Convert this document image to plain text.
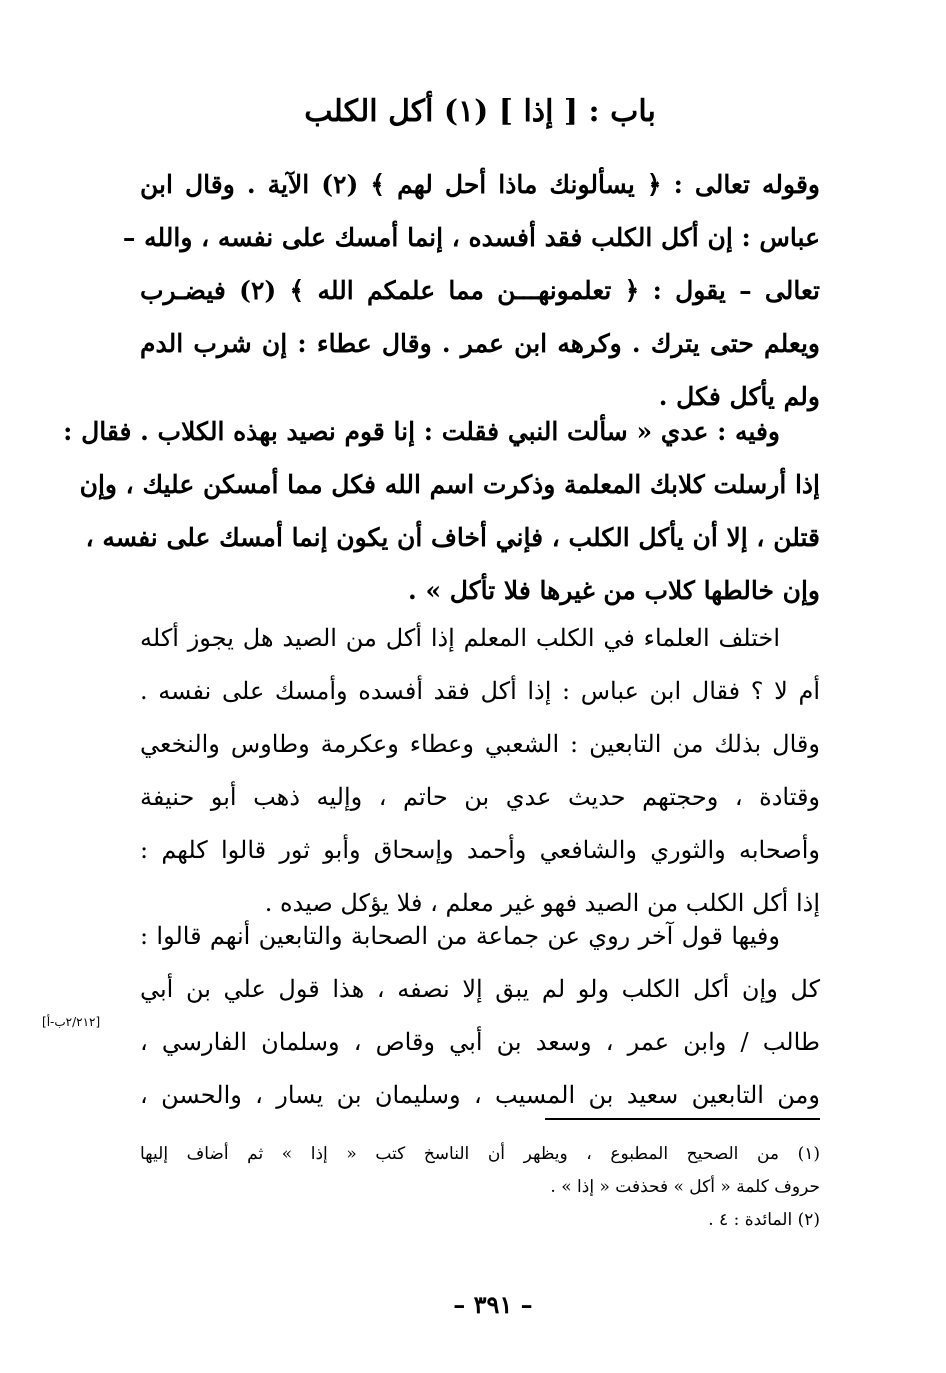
باب : [ إذا ] (١) أكل الكلب
وقوله تعالى : ﴿ يسألونك ماذا أحل لهم ﴾ (٢) الآية . وقال ابن
عباس : إن أكل الكلب فقد أفسده ، إنما أمسك على نفسه ، والله –
تعالى – يقول : ﴿ تعلمونهـــن مما علمكم الله ﴾ (٢) فيضـرب
ويعلم حتى يترك . وكرهه ابن عمر . وقال عطاء : إن شرب الدم
ولم يأكل فكل .
وفيه : عدي « سألت النبي فقلت : إنا قوم نصيد بهذه الكلاب . فقال :
إذا أرسلت كلابك المعلمة وذكرت اسم الله فكل مما أمسكن عليك ، وإن
قتلن ، إلا أن يأكل الكلب ، فإني أخاف أن يكون إنما أمسك على نفسه ،
وإن خالطها كلاب من غيرها فلا تأكل » .
اختلف العلماء في الكلب المعلم إذا أكل من الصيد هل يجوز أكله
أم لا ؟ فقال ابن عباس : إذا أكل فقد أفسده وأمسك على نفسه .
وقال بذلك من التابعين : الشعبي وعطاء وعكرمة وطاوس والنخعي
وقتادة ، وحجتهم حديث عدي بن حاتم ، وإليه ذهب أبو حنيفة
وأصحابه والثوري والشافعي وأحمد وإسحاق وأبو ثور قالوا كلهم :
إذا أكل الكلب من الصيد فهو غير معلم ، فلا يؤكل صيده .
وفيها قول آخر روي عن جماعة من الصحابة والتابعين أنهم قالوا :
كل وإن أكل الكلب ولو لم يبق إلا نصفه ، هذا قول علي بن أبي
طالب / وابن عمر ، وسعد بن أبي وقاص ، وسلمان الفارسي ،
ومن التابعين سعيد بن المسيب ، وسليمان بن يسار ، والحسن ،
[٢/٢١٢ب-أ]
(١) من الصحيح المطبوع ، ويظهر أن الناسخ كتب « إذا » ثم أضاف إليها
حروف كلمة « أكل » فحذفت « إذا » .
(٢) المائدة : ٤ .
– ٣٩١ –
